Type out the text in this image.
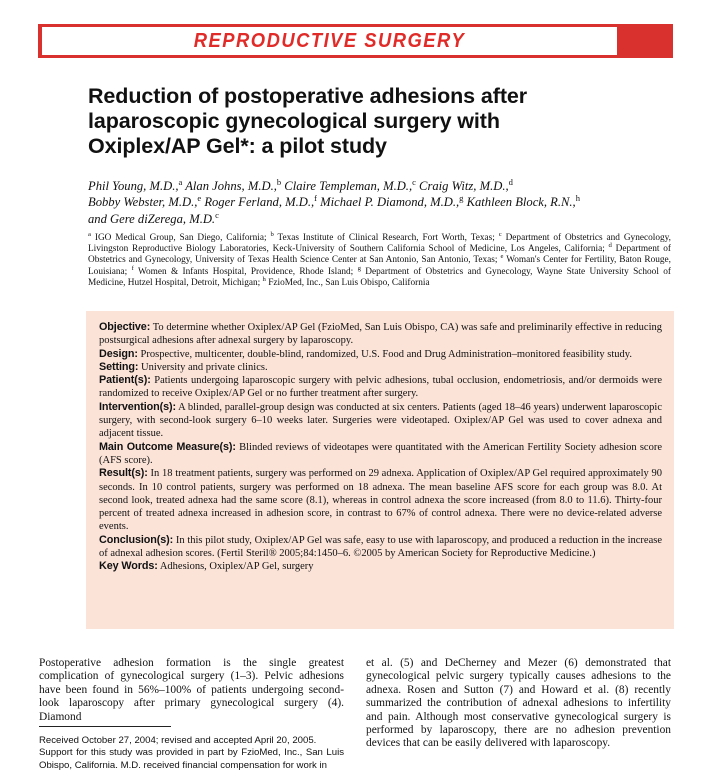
REPRODUCTIVE SURGERY
Reduction of postoperative adhesions after
laparoscopic gynecological surgery with
Oxiplex/AP Gel*: a pilot study
Phil Young, M.D.,$^a$ Alan Johns, M.D.,$^b$ Claire Templeman, M.D.,$^c$ Craig Witz, M.D.,$^d$
Bobby Webster, M.D.,$^e$ Roger Ferland, M.D.,$^f$ Michael P. Diamond, M.D.,$^g$ Kathleen Block, R.N.,$^h$
and Gere diZerega, M.D.$^c$
$^a$ IGO Medical Group, San Diego, California; $^b$ Texas Institute of Clinical Research, Fort Worth, Texas; $^c$ Department of Obstetrics and Gynecology, Livingston Reproductive Biology Laboratories, Keck-University of Southern California School of Medicine, Los Angeles, California; $^d$ Department of Obstetrics and Gynecology, University of Texas Health Science Center at San Antonio, San Antonio, Texas; $^e$ Woman's Center for Fertility, Baton Rouge, Louisiana; $^f$ Women & Infants Hospital, Providence, Rhode Island; $^g$ Department of Obstetrics and Gynecology, Wayne State University School of Medicine, Hutzel Hospital, Detroit, Michigan; $^h$ FzioMed, Inc., San Luis Obispo, California

Objective: To determine whether Oxiplex/AP Gel (FzioMed, San Luis Obispo, CA) was safe and preliminarily effective in reducing postsurgical adhesions after adnexal surgery by laparoscopy.

Design: Prospective, multicenter, double-blind, randomized, U.S. Food and Drug Administration–monitored feasibility study.

Setting: University and private clinics.

Patient(s): Patients undergoing laparoscopic surgery with pelvic adhesions, tubal occlusion, endometriosis, and/or dermoids were randomized to receive Oxiplex/AP Gel or no further treatment after surgery.

Intervention(s): A blinded, parallel-group design was conducted at six centers. Patients (aged 18–46 years) underwent laparoscopic surgery, with second-look surgery 6–10 weeks later. Surgeries were videotaped. Oxiplex/AP Gel was used to cover adnexa and adjacent tissue.

Main Outcome Measure(s): Blinded reviews of videotapes were quantitated with the American Fertility Society adhesion score (AFS score).

Result(s): In 18 treatment patients, surgery was performed on 29 adnexa. Application of Oxiplex/AP Gel required approximately 90 seconds. In 10 control patients, surgery was performed on 18 adnexa. The mean baseline AFS score for each group was 8.0. At second look, treated adnexa had the same score (8.1), whereas in control adnexa the score increased (from 8.0 to 11.6). Thirty-four percent of treated adnexa increased in adhesion score, in contrast to 67% of control adnexa. There were no device-related adverse events.

Conclusion(s): In this pilot study, Oxiplex/AP Gel was safe, easy to use with laparoscopy, and produced a reduction in the increase of adnexal adhesion scores. (Fertil Steril® 2005;84:1450–6. ©2005 by American Society for Reproductive Medicine.)

Key Words: Adhesions, Oxiplex/AP Gel, surgery

Postoperative adhesion formation is the single greatest complication of gynecological surgery (1–3). Pelvic adhesions have been found in 56%–100% of patients undergoing second-look laparoscopy after primary gynecological surgery (4). Diamond

et al. (5) and DeCherney and Mezer (6) demonstrated that gynecological pelvic surgery typically causes adhesions to the adnexa. Rosen and Sutton (7) and Howard et al. (8) recently summarized the contribution of adnexal adhesions to infertility and pain. Although most conservative gynecological surgery is performed by laparoscopy, there are no adhesion prevention devices that can be easily delivered with laparoscopy.

Received October 27, 2004; revised and accepted April 20, 2005.

Support for this study was provided in part by FzioMed, Inc., San Luis Obispo, California. M.D. received financial compensation for work in
